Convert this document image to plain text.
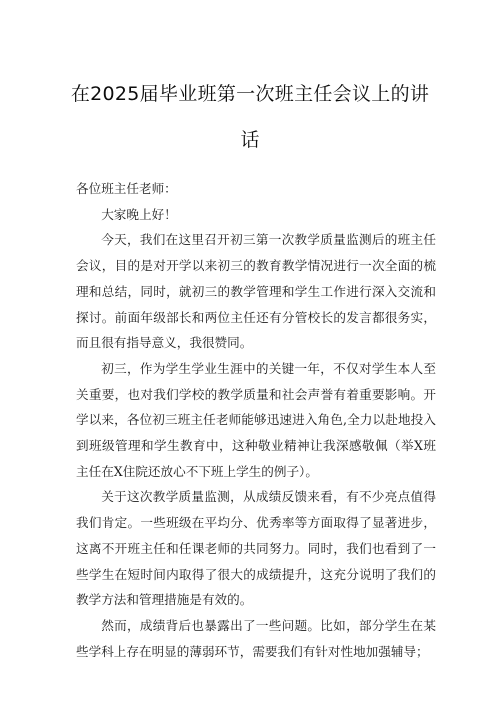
在2025届毕业班第一次班主任会议上的讲
话

各位班主任老师：

大家晚上好！

今天，我们在这里召开初三第一次教学质量监测后的班主任会议，目的是对开学以来初三的教育教学情况进行一次全面的梳理和总结，同时，就初三的教学管理和学生工作进行深入交流和探讨。前面年级部长和两位主任还有分管校长的发言都很务实，而且很有指导意义，我很赞同。

初三，作为学生学业生涯中的关键一年，不仅对学生本人至关重要，也对我们学校的教学质量和社会声誉有着重要影响。开学以来，各位初三班主任老师能够迅速进入角色,全力以赴地投入到班级管理和学生教育中，这种敬业精神让我深感敬佩（举X班主任在X住院还放心不下班上学生的例子）。

关于这次教学质量监测，从成绩反馈来看，有不少亮点值得我们肯定。一些班级在平均分、优秀率等方面取得了显著进步，这离不开班主任和任课老师的共同努力。同时，我们也看到了一些学生在短时间内取得了很大的成绩提升，这充分说明了我们的教学方法和管理措施是有效的。

然而，成绩背后也暴露出了一些问题。比如，部分学生在某些学科上存在明显的薄弱环节，需要我们有针对性地加强辅导；
